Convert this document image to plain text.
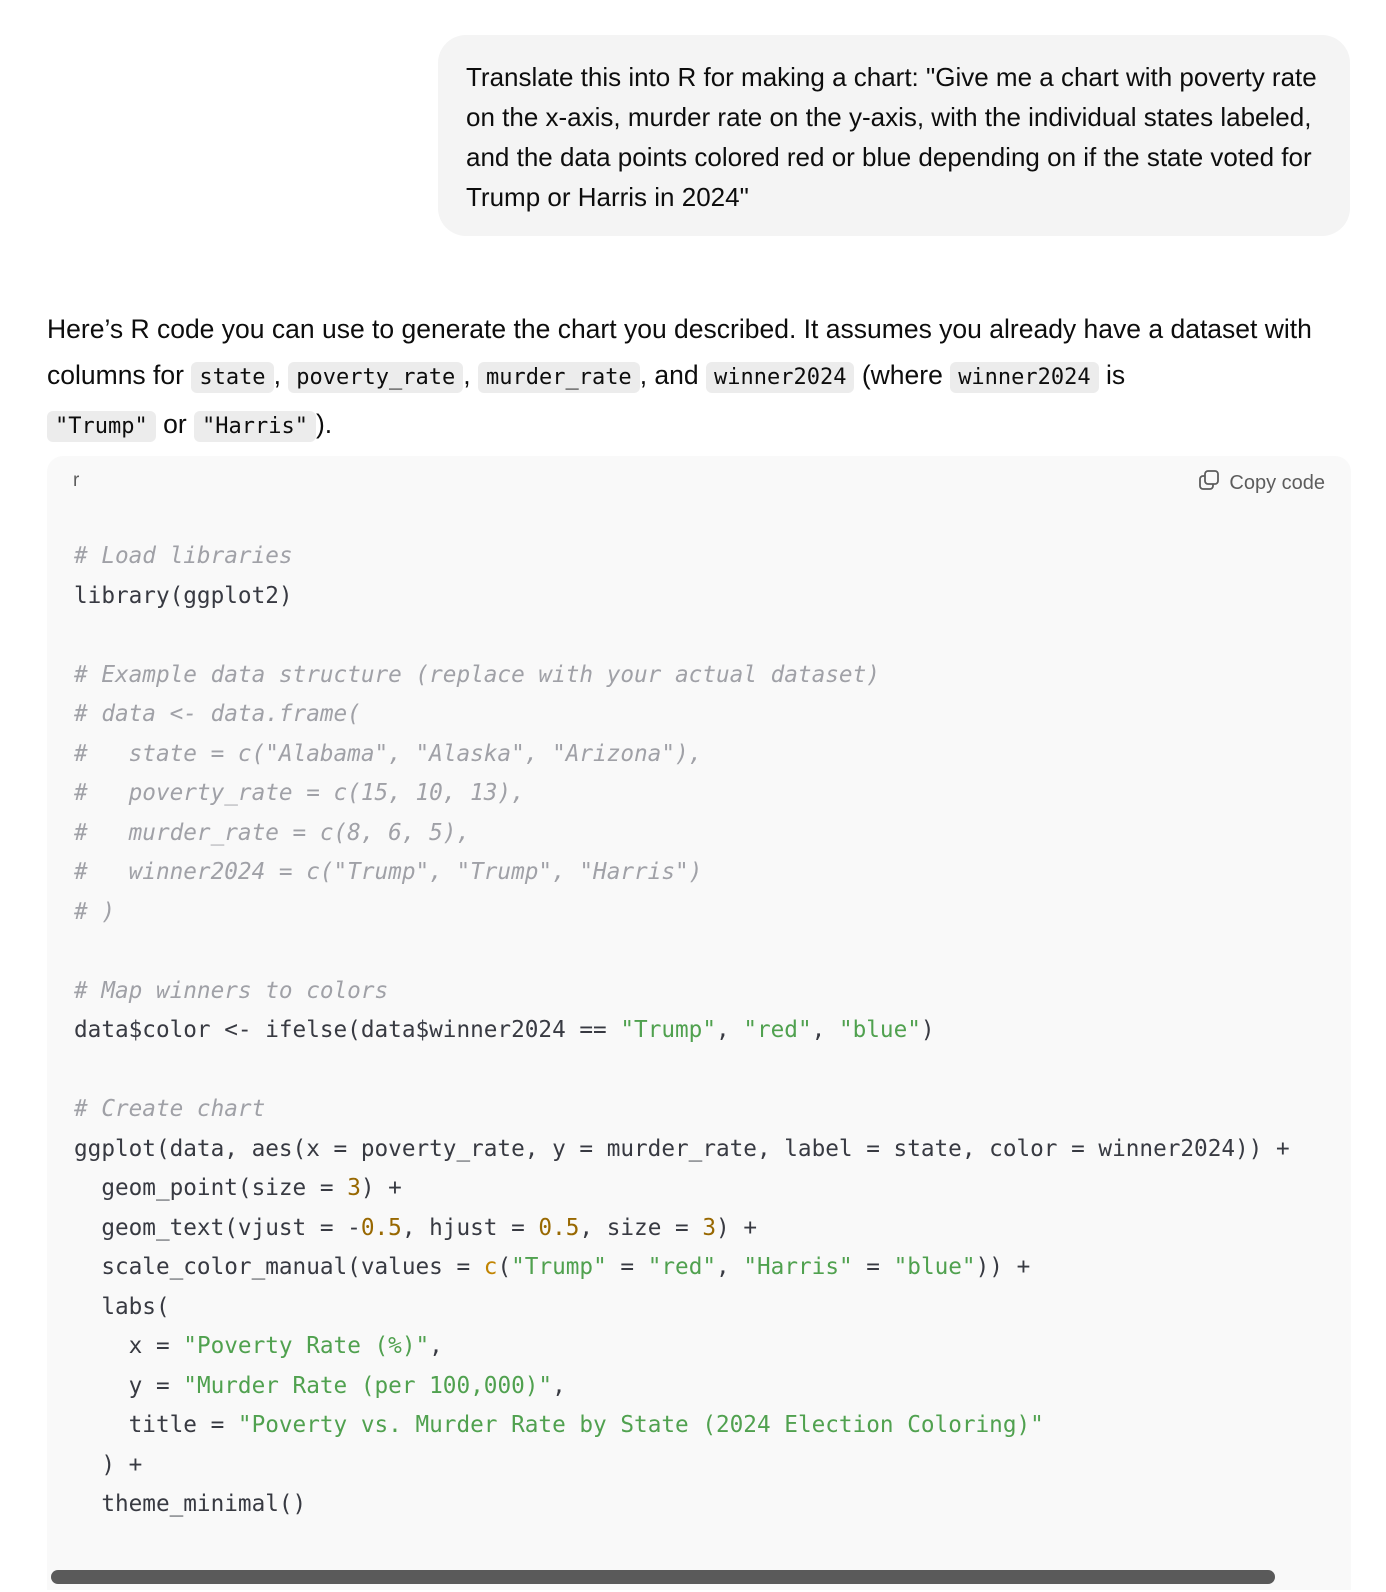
Translate this into R for making a chart: "Give me a chart with poverty rate on the x-axis, murder rate on the y-axis, with the individual states labeled, and the data points colored red or blue depending on if the state voted for Trump or Harris in 2024"
Here’s R code you can use to generate the chart you described. It assumes you already have a dataset with columns for state , poverty_rate , murder_rate , and winner2024 (where winner2024 is
"Trump" or "Harris" ).
r	Copy code
# Load libraries
library(ggplot2)
# Example data structure (replace with your actual dataset)
# data <- data.frame(
#   state = c("Alabama", "Alaska", "Arizona"),
#   poverty_rate = c(15, 10, 13),
#   murder_rate = c(8, 6, 5),
#   winner2024 = c("Trump", "Trump", "Harris")
# )
# Map winners to colors
data$color <- ifelse(data$winner2024 == "Trump", "red", "blue")
# Create chart
ggplot(data, aes(x = poverty_rate, y = murder_rate, label = state, color = winner2024)) +
geom_point(size = 3) +
geom_text(vjust = -0.5, hjust = 0.5, size = 3) +
scale_color_manual(values = c("Trump" = "red", "Harris" = "blue")) +
labs(
x = "Poverty Rate (%)",
y = "Murder Rate (per 100,000)",
title = "Poverty vs. Murder Rate by State (2024 Election Coloring)"
) +
theme_minimal()
